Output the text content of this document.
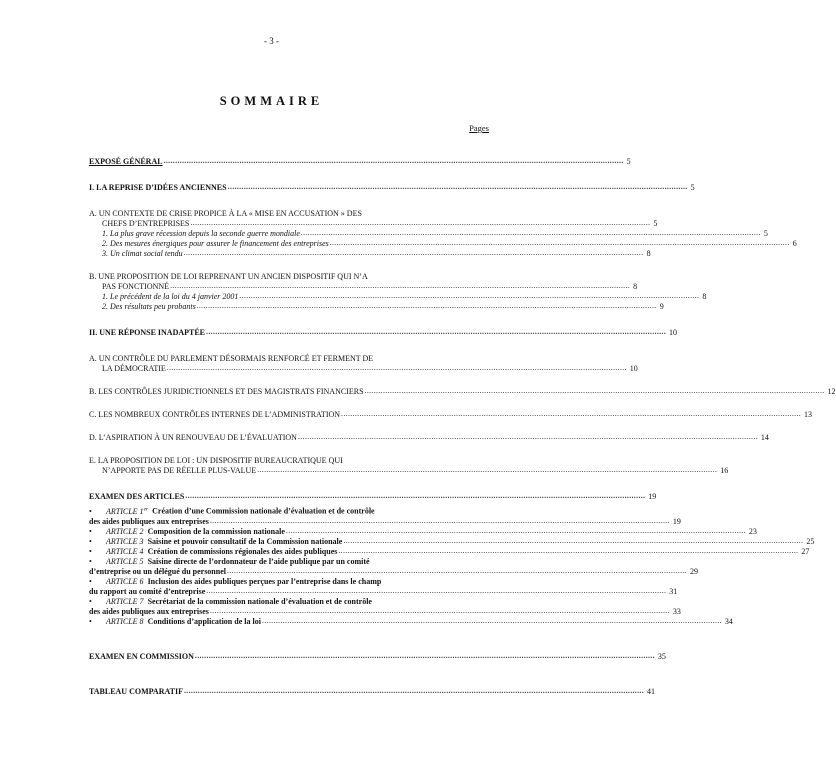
- 3 -
SOMMAIRE
Pages
EXPOSÉ GÉNÉRAL ........................................................................................................................................................................................................ 5
I. LA REPRISE D’IDÉES ANCIENNES ........................................................................................................................................................................................................ 5
A. UN CONTEXTE DE CRISE PROPICE À LA « MISE EN ACCUSATION » DES
CHEFS D’ENTREPRISES ........................................................................................................................................................................................................ 5
1. La plus grave récession depuis la seconde guerre mondiale ........................................................................................................................................................................................................ 5
2. Des mesures énergiques pour assurer le financement des entreprises ........................................................................................................................................................................................................ 6
3. Un climat social tendu ........................................................................................................................................................................................................ 8
B. UNE PROPOSITION DE LOI REPRENANT UN ANCIEN DISPOSITIF QUI N’A
PAS FONCTIONNÉ ........................................................................................................................................................................................................ 8
1. Le précédent de la loi du 4 janvier 2001 ........................................................................................................................................................................................................ 8
2. Des résultats peu probants ........................................................................................................................................................................................................ 9
II. UNE RÉPONSE INADAPTÉE ........................................................................................................................................................................................................ 10
A. UN CONTRÔLE DU PARLEMENT DÉSORMAIS RENFORCÉ ET FERMENT DE
LA DÉMOCRATIE ........................................................................................................................................................................................................ 10
B. LES CONTRÔLES JURIDICTIONNELS ET DES MAGISTRATS FINANCIERS ........................................................................................................................................................................................................ 12
C. LES NOMBREUX CONTRÔLES INTERNES DE L’ADMINISTRATION ........................................................................................................................................................................................................ 13
D. L’ASPIRATION À UN RENOUVEAU DE L’ÉVALUATION ........................................................................................................................................................................................................ 14
E. LA PROPOSITION DE LOI : UN DISPOSITIF BUREAUCRATIQUE QUI
N’APPORTE PAS DE RÉELLE PLUS-VALUE ........................................................................................................................................................................................................ 16
EXAMEN DES ARTICLES ........................................................................................................................................................................................................ 19
• ARTICLE 1er Création d’une Commission nationale d’évaluation et de contrôle
des aides publiques aux entreprises ........................................................................................................................................................................................................ 19
• ARTICLE 2 Composition de la commission nationale ........................................................................................................................................................................................................ 23
• ARTICLE 3 Saisine et pouvoir consultatif de la Commission nationale ........................................................................................................................................................................................................ 25
• ARTICLE 4 Création de commissions régionales des aides publiques ........................................................................................................................................................................................................ 27
• ARTICLE 5 Saisine directe de l’ordonnateur de l’aide publique par un comité
d’entreprise ou un délégué du personnel ........................................................................................................................................................................................................ 29
• ARTICLE 6 Inclusion des aides publiques perçues par l’entreprise dans le champ
du rapport au comité d’entreprise ........................................................................................................................................................................................................ 31
• ARTICLE 7 Secrétariat de la commission nationale d’évaluation et de contrôle
des aides publiques aux entreprises ........................................................................................................................................................................................................ 33
• ARTICLE 8 Conditions d’application de la loi ........................................................................................................................................................................................................ 34
EXAMEN EN COMMISSION ........................................................................................................................................................................................................ 35
TABLEAU COMPARATIF ........................................................................................................................................................................................................ 41
